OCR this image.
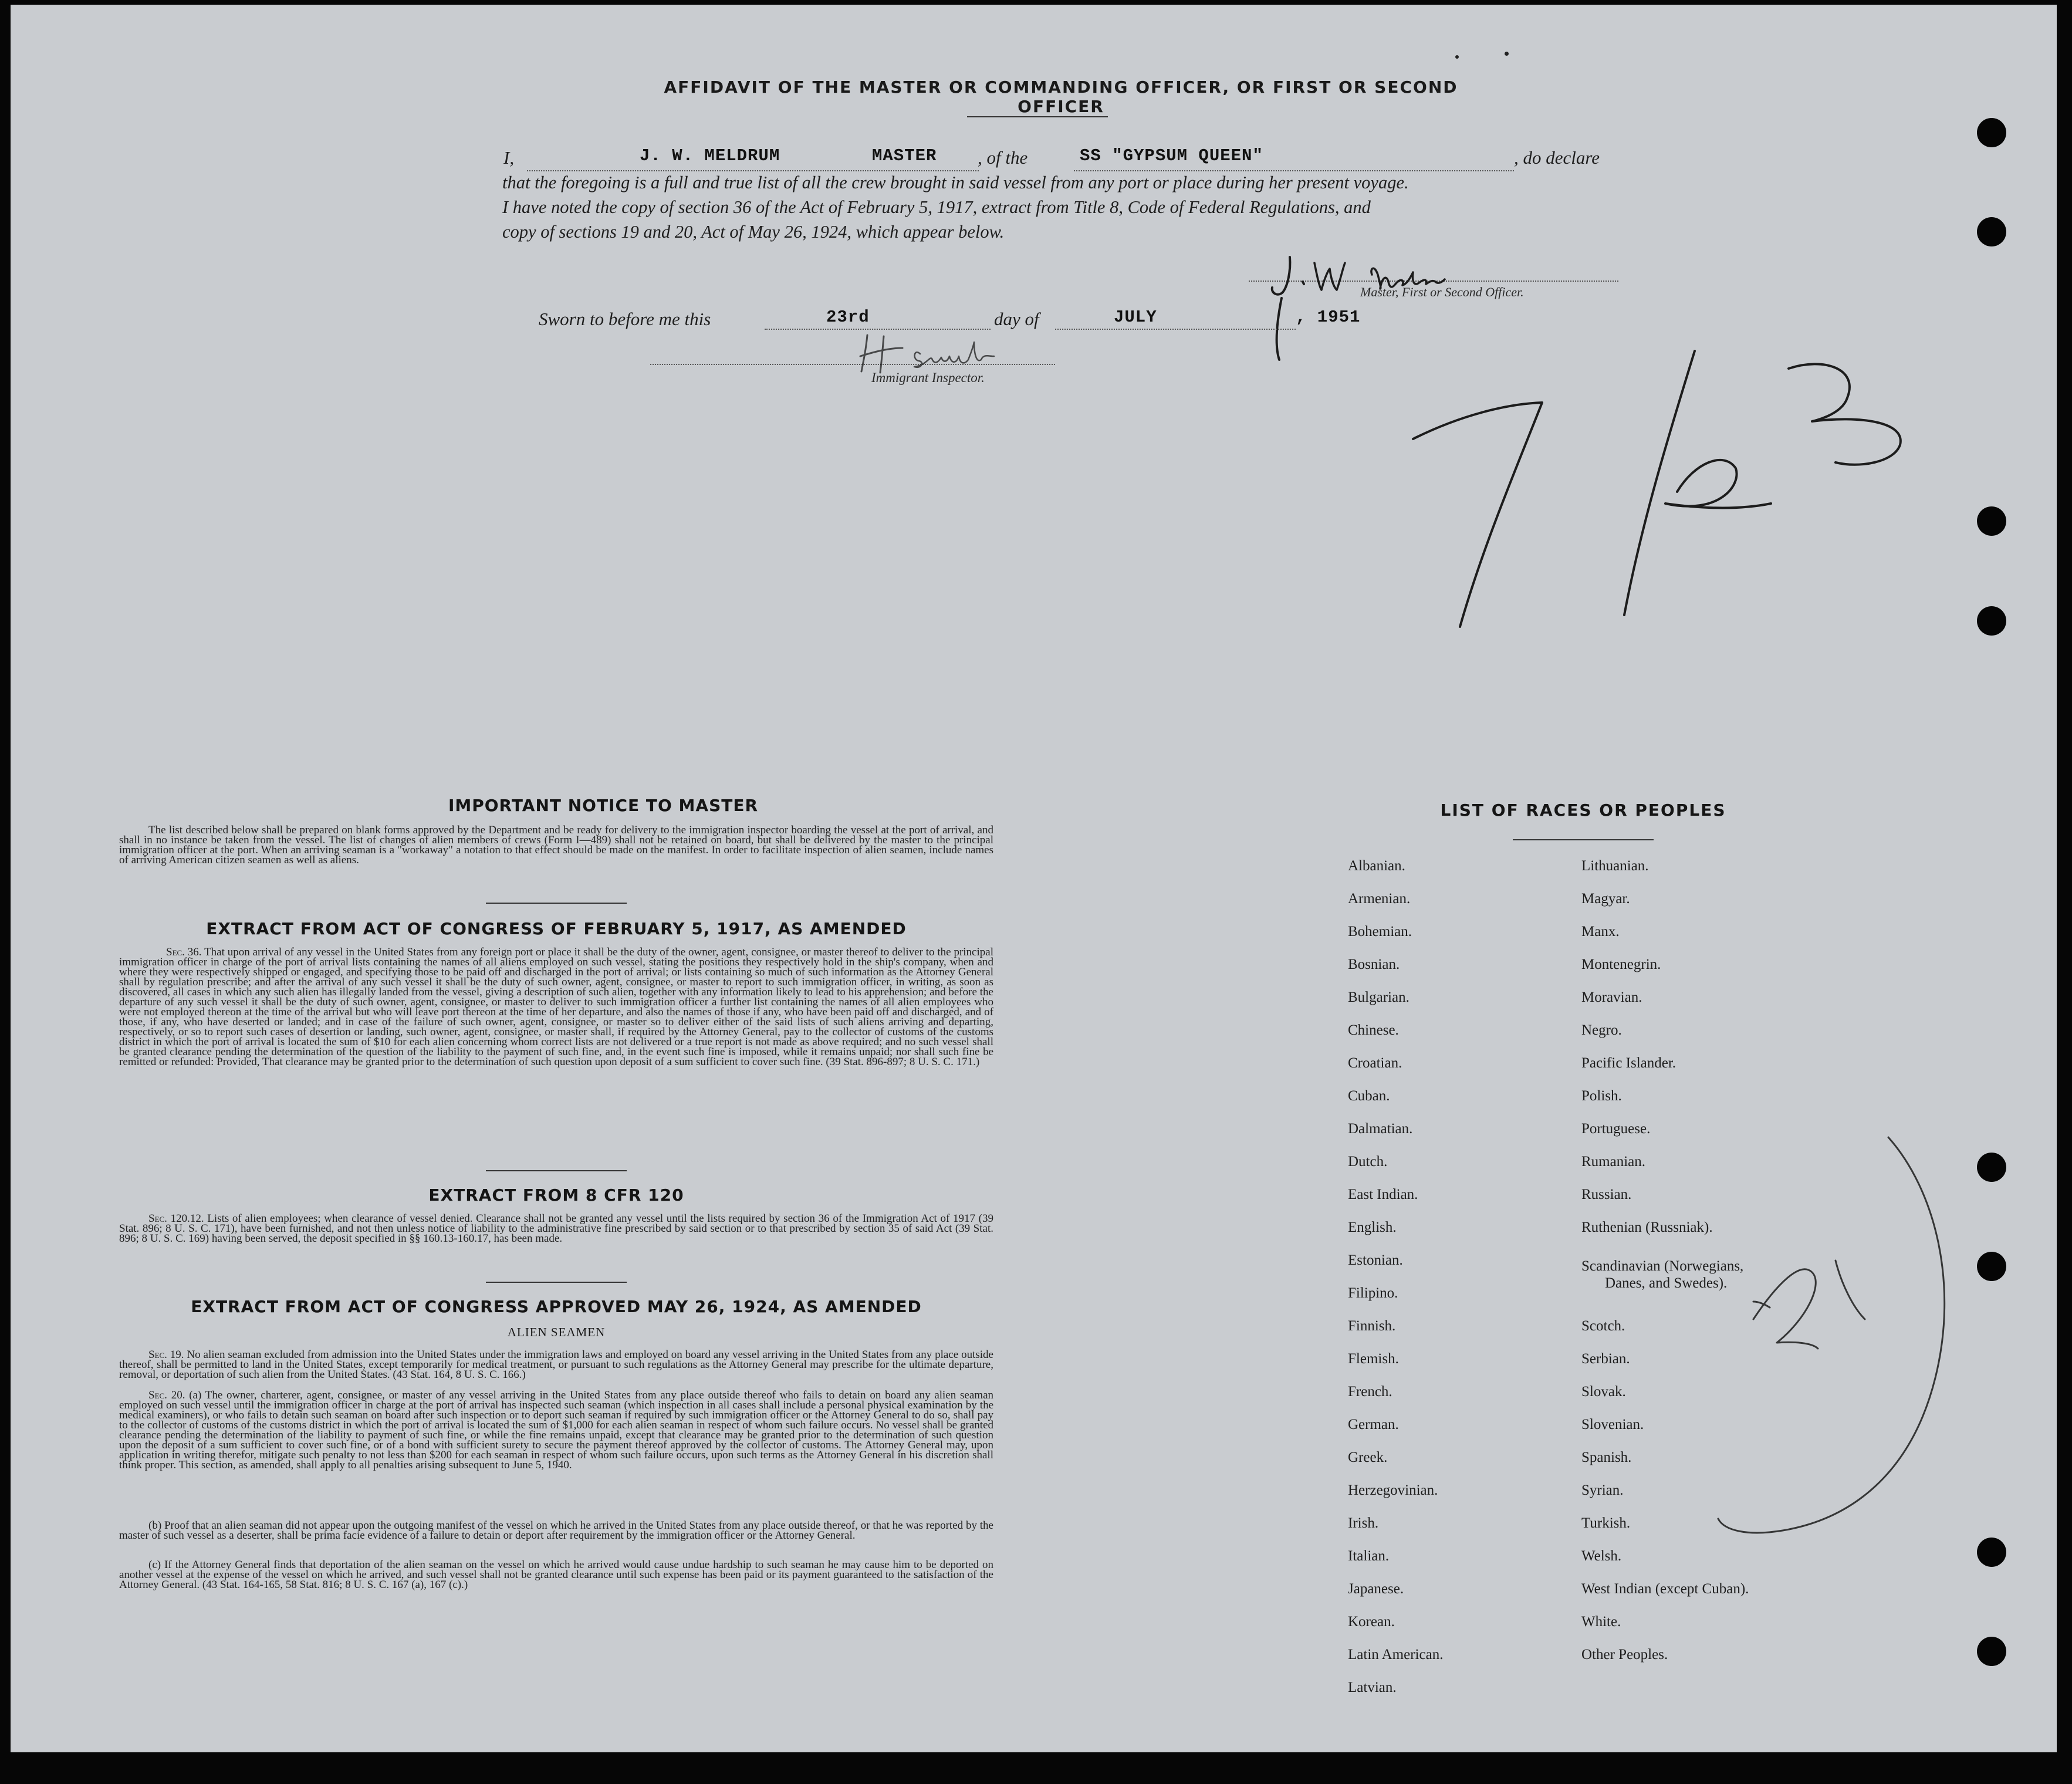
AFFIDAVIT OF THE MASTER OR COMMANDING OFFICER, OR FIRST OR SECOND OFFICER
I,	J. W. MELDRUM	MASTER , of the	SS "GYPSUM QUEEN"	, do declare
that the foregoing is a full and true list of all the crew brought in said vessel from any port or place during her present voyage.
I have noted the copy of section 36 of the Act of February 5, 1917, extract from Title 8, Code of Federal Regulations, and
copy of sections 19 and 20, Act of May 26, 1924, which appear below.
Master, First or Second Officer.
Sworn to before me this	23rd	day of	JULY	, 1951
Immigrant Inspector.
IMPORTANT NOTICE TO MASTER
The list described below shall be prepared on blank forms approved by the Department and be ready for delivery to the immigration inspector boarding the vessel at the port of arrival, and shall in no instance be taken from the vessel. The list of changes of alien members of crews (Form I—489) shall not be retained on board, but shall be delivered by the master to the principal immigration officer at the port. When an arriving seaman is a "workaway" a notation to that effect should be made on the manifest. In order to facilitate inspection of alien seamen, include names of arriving American citizen seamen as well as aliens.
EXTRACT FROM ACT OF CONGRESS OF FEBRUARY 5, 1917, AS AMENDED
Sec. 36. That upon arrival of any vessel in the United States from any foreign port or place it shall be the duty of the owner, agent, consignee, or master thereof to deliver to the principal immigration officer in charge of the port of arrival lists containing the names of all aliens employed on such vessel, stating the positions they respectively hold in the ship's company, when and where they were respectively shipped or engaged, and specifying those to be paid off and discharged in the port of arrival; or lists containing so much of such information as the Attorney General shall by regulation prescribe; and after the arrival of any such vessel it shall be the duty of such owner, agent, consignee, or master to report to such immigration officer, in writing, as soon as discovered, all cases in which any such alien has illegally landed from the vessel, giving a description of such alien, together with any information likely to lead to his apprehension; and before the departure of any such vessel it shall be the duty of such owner, agent, consignee, or master to deliver to such immigration officer a further list containing the names of all alien employees who were not employed thereon at the time of the arrival but who will leave port thereon at the time of her departure, and also the names of those if any, who have been paid off and discharged, and of those, if any, who have deserted or landed; and in case of the failure of such owner, agent, consignee, or master so to deliver either of the said lists of such aliens arriving and departing, respectively, or so to report such cases of desertion or landing, such owner, agent, consignee, or master shall, if required by the Attorney General, pay to the collector of customs of the customs district in which the port of arrival is located the sum of $10 for each alien concerning whom correct lists are not delivered or a true report is not made as above required; and no such vessel shall be granted clearance pending the determination of the question of the liability to the payment of such fine, and, in the event such fine is imposed, while it remains unpaid; nor shall such fine be remitted or refunded: Provided, That clearance may be granted prior to the determination of such question upon deposit of a sum sufficient to cover such fine. (39 Stat. 896-897; 8 U. S. C. 171.)
EXTRACT FROM 8 CFR 120
Sec. 120.12. Lists of alien employees; when clearance of vessel denied. Clearance shall not be granted any vessel until the lists required by section 36 of the Immigration Act of 1917 (39 Stat. 896; 8 U. S. C. 171), have been furnished, and not then unless notice of liability to the administrative fine prescribed by said section or to that prescribed by section 35 of said Act (39 Stat. 896; 8 U. S. C. 169) having been served, the deposit specified in §§ 160.13-160.17, has been made.
EXTRACT FROM ACT OF CONGRESS APPROVED MAY 26, 1924, AS AMENDED
ALIEN SEAMEN
Sec. 19. No alien seaman excluded from admission into the United States under the immigration laws and employed on board any vessel arriving in the United States from any place outside thereof, shall be permitted to land in the United States, except temporarily for medical treatment, or pursuant to such regulations as the Attorney General may prescribe for the ultimate departure, removal, or deportation of such alien from the United States. (43 Stat. 164, 8 U. S. C. 166.)
Sec. 20. (a) The owner, charterer, agent, consignee, or master of any vessel arriving in the United States from any place outside thereof who fails to detain on board any alien seaman employed on such vessel until the immigration officer in charge at the port of arrival has inspected such seaman (which inspection in all cases shall include a personal physical examination by the medical examiners), or who fails to detain such seaman on board after such inspection or to deport such seaman if required by such immigration officer or the Attorney General to do so, shall pay to the collector of customs of the customs district in which the port of arrival is located the sum of $1,000 for each alien seaman in respect of whom such failure occurs. No vessel shall be granted clearance pending the determination of the liability to payment of such fine, or while the fine remains unpaid, except that clearance may be granted prior to the determination of such question upon the deposit of a sum sufficient to cover such fine, or of a bond with sufficient surety to secure the payment thereof approved by the collector of customs. The Attorney General may, upon application in writing therefor, mitigate such penalty to not less than $200 for each seaman in respect of whom such failure occurs, upon such terms as the Attorney General in his discretion shall think proper. This section, as amended, shall apply to all penalties arising subsequent to June 5, 1940.
(b) Proof that an alien seaman did not appear upon the outgoing manifest of the vessel on which he arrived in the United States from any place outside thereof, or that he was reported by the master of such vessel as a deserter, shall be prima facie evidence of a failure to detain or deport after requirement by the immigration officer or the Attorney General.
(c) If the Attorney General finds that deportation of the alien seaman on the vessel on which he arrived would cause undue hardship to such seaman he may cause him to be deported on another vessel at the expense of the vessel on which he arrived, and such vessel shall not be granted clearance until such expense has been paid or its payment guaranteed to the satisfaction of the Attorney General. (43 Stat. 164-165, 58 Stat. 816; 8 U. S. C. 167 (a), 167 (c).)
LIST OF RACES OR PEOPLES
Albanian.
Armenian.
Bohemian.
Bosnian.
Bulgarian.
Chinese.
Croatian.
Cuban.
Dalmatian.
Dutch.
East Indian.
English.
Estonian.
Filipino.
Finnish.
Flemish.
French.
German.
Greek.
Herzegovinian.
Irish.
Italian.
Japanese.
Korean.
Latin American.
Latvian.
Lithuanian.
Magyar.
Manx.
Montenegrin.
Moravian.
Negro.
Pacific Islander.
Polish.
Portuguese.
Rumanian.
Russian.
Ruthenian (Russniak).
Scandinavian (Norwegians,
Danes, and Swedes).
Scotch.
Serbian.
Slovak.
Slovenian.
Spanish.
Syrian.
Turkish.
Welsh.
West Indian (except Cuban).
White.
Other Peoples.
